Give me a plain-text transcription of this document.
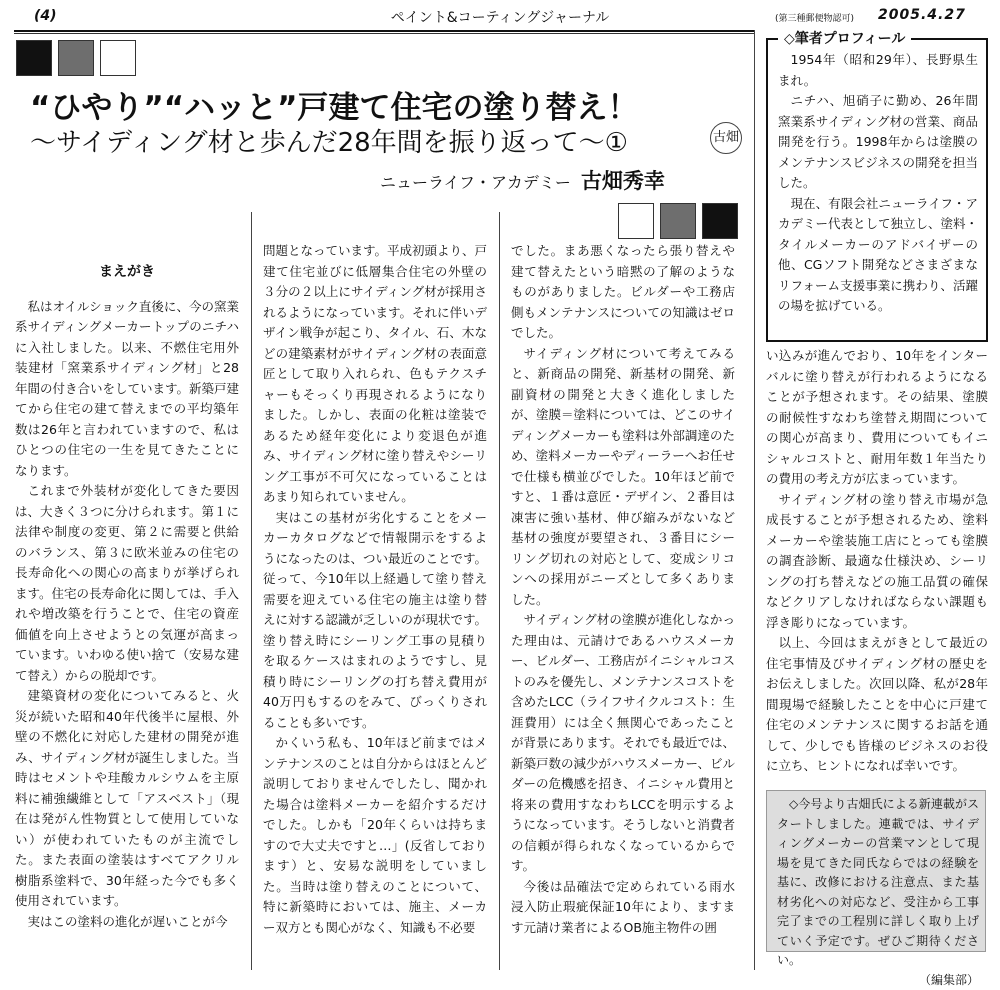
(4)	ペイント&コーティングジャーナル	(第三種郵便物認可) 2005.4.27
“ひやり”“ハッと”戸建て住宅の塗り替え！
～サイディング材と歩んだ28年間を振り返って～①	古畑
ニューライフ・アカデミー 古畑秀幸
まえがき

私はオイルショック直後に、今の窯業系サイディングメーカートップのニチハに入社しました。以来、不燃住宅用外装建材「窯業系サイディング材」と28年間の付き合いをしています。新築戸建てから住宅の建て替えまでの平均築年数は26年と言われていますので、私はひとつの住宅の一生を見てきたことになります。

これまで外装材が変化してきた要因は、大きく３つに分けられます。第１に法律や制度の変更、第２に需要と供給のバランス、第３に欧米並みの住宅の長寿命化への関心の高まりが挙げられます。住宅の長寿命化に関しては、手入れや増改築を行うことで、住宅の資産価値を向上させようとの気運が高まっています。いわゆる使い捨て（安易な建て替え）からの脱却です。

建築資材の変化についてみると、火災が続いた昭和40年代後半に屋根、外壁の不燃化に対応した建材の開発が進み、サイディング材が誕生しました。当時はセメントや珪酸カルシウムを主原料に補強繊維として「アスベスト」（現在は発がん性物質として使用していない）が使われていたものが主流でした。また表面の塗装はすべてアクリル樹脂系塗料で、30年経った今でも多く使用されています。

実はこの塗料の進化が遅いことが今

問題となっています。平成初頭より、戸建て住宅並びに低層集合住宅の外壁の３分の２以上にサイディング材が採用されるようになっています。それに伴いデザイン戦争が起こり、タイル、石、木などの建築素材がサイディング材の表面意匠として取り入れられ、色もテクスチャーもそっくり再現されるようになりました。しかし、表面の化粧は塗装であるため経年変化により変退色が進み、サイディング材に塗り替えやシーリング工事が不可欠になっていることはあまり知られていません。

実はこの基材が劣化することをメーカーカタログなどで情報開示をするようになったのは、つい最近のことです。従って、今10年以上経過して塗り替え需要を迎えている住宅の施主は塗り替えに対する認識が乏しいのが現状です。塗り替え時にシーリング工事の見積りを取るケースはまれのようですし、見積り時にシーリングの打ち替え費用が40万円もするのをみて、びっくりされることも多いです。

かくいう私も、10年ほど前まではメンテナンスのことは自分からはほとんど説明しておりませんでしたし、聞かれた場合は塗料メーカーを紹介するだけでした。しかも「20年くらいは持ちますので大丈夫ですと…」(反省しております）と、安易な説明をしていました。当時は塗り替えのことについて、特に新築時においては、施主、メーカー双方とも関心がなく、知識も不必要

でした。まあ悪くなったら張り替えや建て替えたという暗黙の了解のようなものがありました。ビルダーや工務店側もメンテナンスについての知識はゼロでした。

サイディング材について考えてみると、新商品の開発、新基材の開発、新副資材の開発と大きく進化しましたが、塗膜＝塗料については、どこのサイディングメーカーも塗料は外部調達のため、塗料メーカーやディーラーへお任せで仕様も横並びでした。10年ほど前ですと、１番は意匠・デザイン、２番目は凍害に強い基材、伸び縮みがないなど基材の強度が要望され、３番目にシーリング切れの対応として、変成シリコンへの採用がニーズとして多くありました。

サイディング材の塗膜が進化しなかった理由は、元請けであるハウスメーカー、ビルダー、工務店がイニシャルコストのみを優先し、メンテナンスコストを含めたLCC（ライフサイクルコスト：生涯費用）には全く無関心であったことが背景にあります。それでも最近では、新築戸数の減少がハウスメーカー、ビルダーの危機感を招き、イニシャル費用と将来の費用すなわちLCCを明示するようになっています。そうしないと消費者の信頼が得られなくなっているからです。

今後は品確法で定められている雨水浸入防止瑕疵保証10年により、ますます元請け業者によるOB施主物件の囲

◇筆者プロフィール

1954年（昭和29年）、長野県生まれ。

ニチハ、旭硝子に勤め、26年間窯業系サイディング材の営業、商品開発を行う。1998年からは塗膜のメンテナンスビジネスの開発を担当した。

現在、有限会社ニューライフ・アカデミー代表として独立し、塗料・タイルメーカーのアドバイザーの他、CGソフト開発などさまざまなリフォーム支援事業に携わり、活躍の場を拡げている。

い込みが進んでおり、10年をインターバルに塗り替えが行われるようになることが予想されます。その結果、塗膜の耐候性すなわち塗替え期間についての関心が高まり、費用についてもイニシャルコストと、耐用年数１年当たりの費用の考え方が広まっています。

サイディング材の塗り替え市場が急成長することが予想されるため、塗料メーカーや塗装施工店にとっても塗膜の調査診断、最適な仕様決め、シーリングの打ち替えなどの施工品質の確保などクリアしなければならない課題も浮き彫りになっています。

以上、今回はまえがきとして最近の住宅事情及びサイディング材の歴史をお伝えしました。次回以降、私が28年間現場で経験したことを中心に戸建て住宅のメンテナンスに関するお話を通して、少しでも皆様のビジネスのお役に立ち、ヒントになれば幸いです。

◇今号より古畑氏による新連載がスタートしました。連載では、サイディングメーカーの営業マンとして現場を見てきた同氏ならではの経験を基に、改修における注意点、また基材劣化への対応など、受注から工事完了までの工程別に詳しく取り上げていく予定です。ぜひご期待ください。

（編集部）
